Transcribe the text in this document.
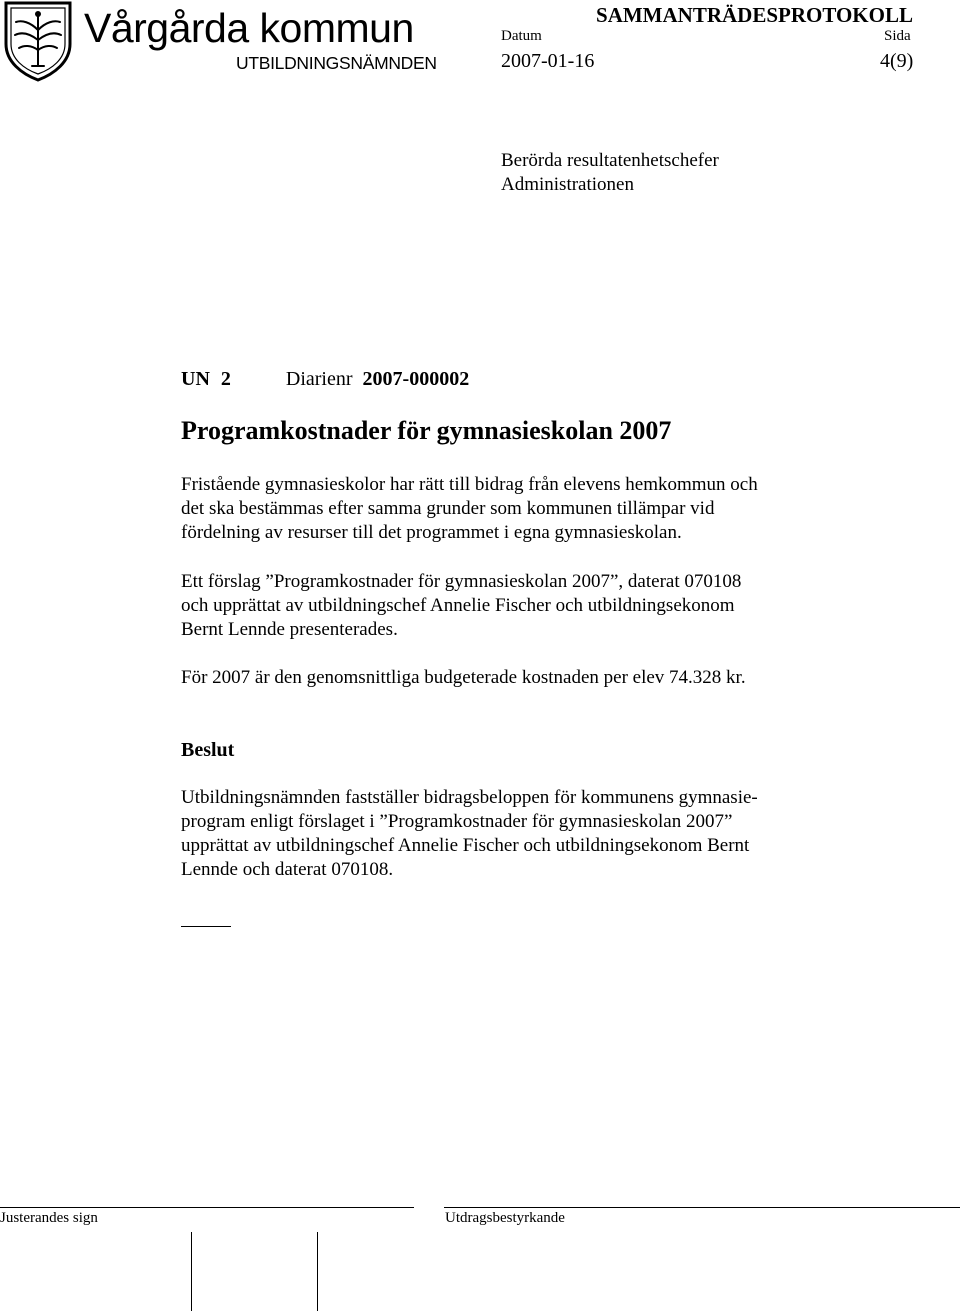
Vårgårda kommun
UTBILDNINGSNÄMNDEN
SAMMANTRÄDESPROTOKOLL
Datum	Sida
2007-01-16	4(9)
Berörda resultatenhetschefer
Administrationen
UN 2	Diarienr 2007-000002
Programkostnader för gymnasieskolan 2007

Fristående gymnasieskolor har rätt till bidrag från elevens hemkommun och
det ska bestämmas efter samma grunder som kommunen tillämpar vid
fördelning av resurser till det programmet i egna gymnasieskolan.

Ett förslag ”Programkostnader för gymnasieskolan 2007”, daterat 070108
och upprättat av utbildningschef Annelie Fischer och utbildningsekonom
Bernt Lennde presenterades.

För 2007 är den genomsnittliga budgeterade kostnaden per elev 74.328 kr.

Beslut

Utbildningsnämnden fastställer bidragsbeloppen för kommunens gymnasie-
program enligt förslaget i ”Programkostnader för gymnasieskolan 2007”
upprättat av utbildningschef Annelie Fischer och utbildningsekonom Bernt
Lennde och daterat 070108.

Justerandes sign	Utdragsbestyrkande
